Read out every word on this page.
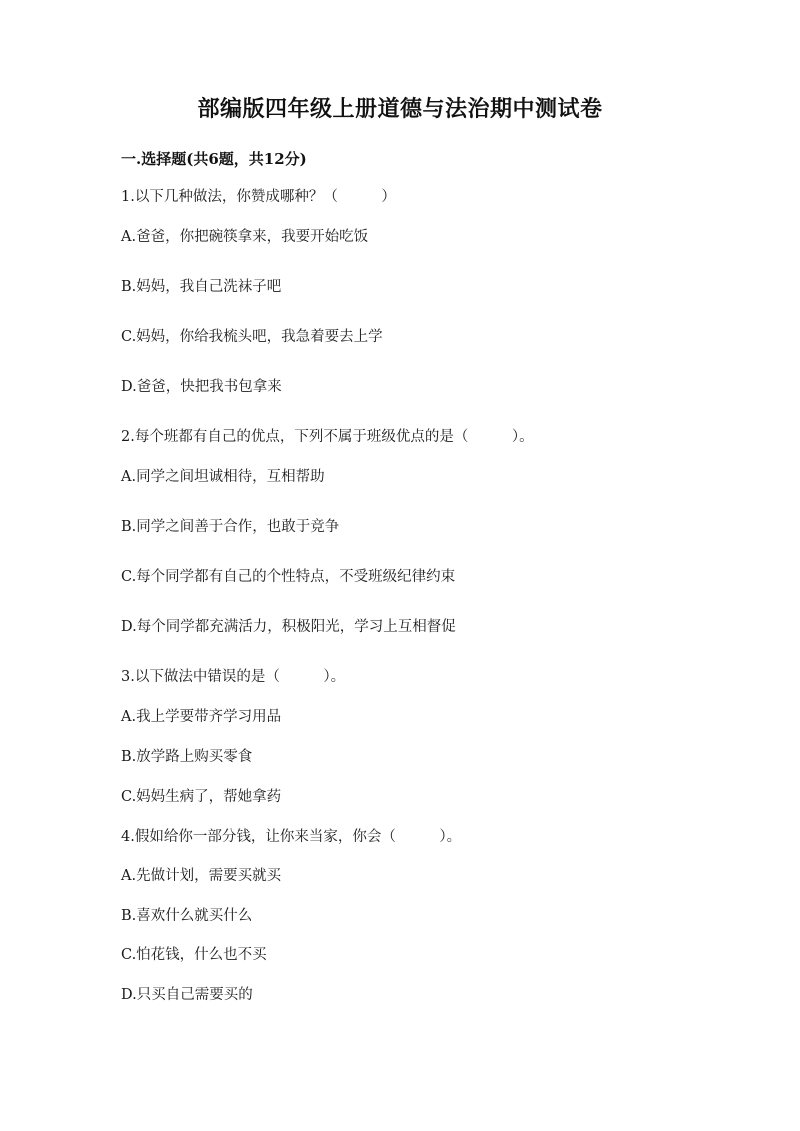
部编版四年级上册道德与法治期中测试卷
一.选择题(共6题，共12分)
1.以下几种做法，你赞成哪种？（　　　）
A.爸爸，你把碗筷拿来，我要开始吃饭
B.妈妈，我自己洗袜子吧
C.妈妈，你给我梳头吧，我急着要去上学
D.爸爸，快把我书包拿来
2.每个班都有自己的优点，下列不属于班级优点的是（　　　）。
A.同学之间坦诚相待，互相帮助
B.同学之间善于合作，也敢于竞争
C.每个同学都有自己的个性特点，不受班级纪律约束
D.每个同学都充满活力，积极阳光，学习上互相督促
3.以下做法中错误的是（　　　）。
A.我上学要带齐学习用品
B.放学路上购买零食
C.妈妈生病了，帮她拿药
4.假如给你一部分钱，让你来当家，你会（　　　）。
A.先做计划，需要买就买
B.喜欢什么就买什么
C.怕花钱，什么也不买
D.只买自己需要买的
